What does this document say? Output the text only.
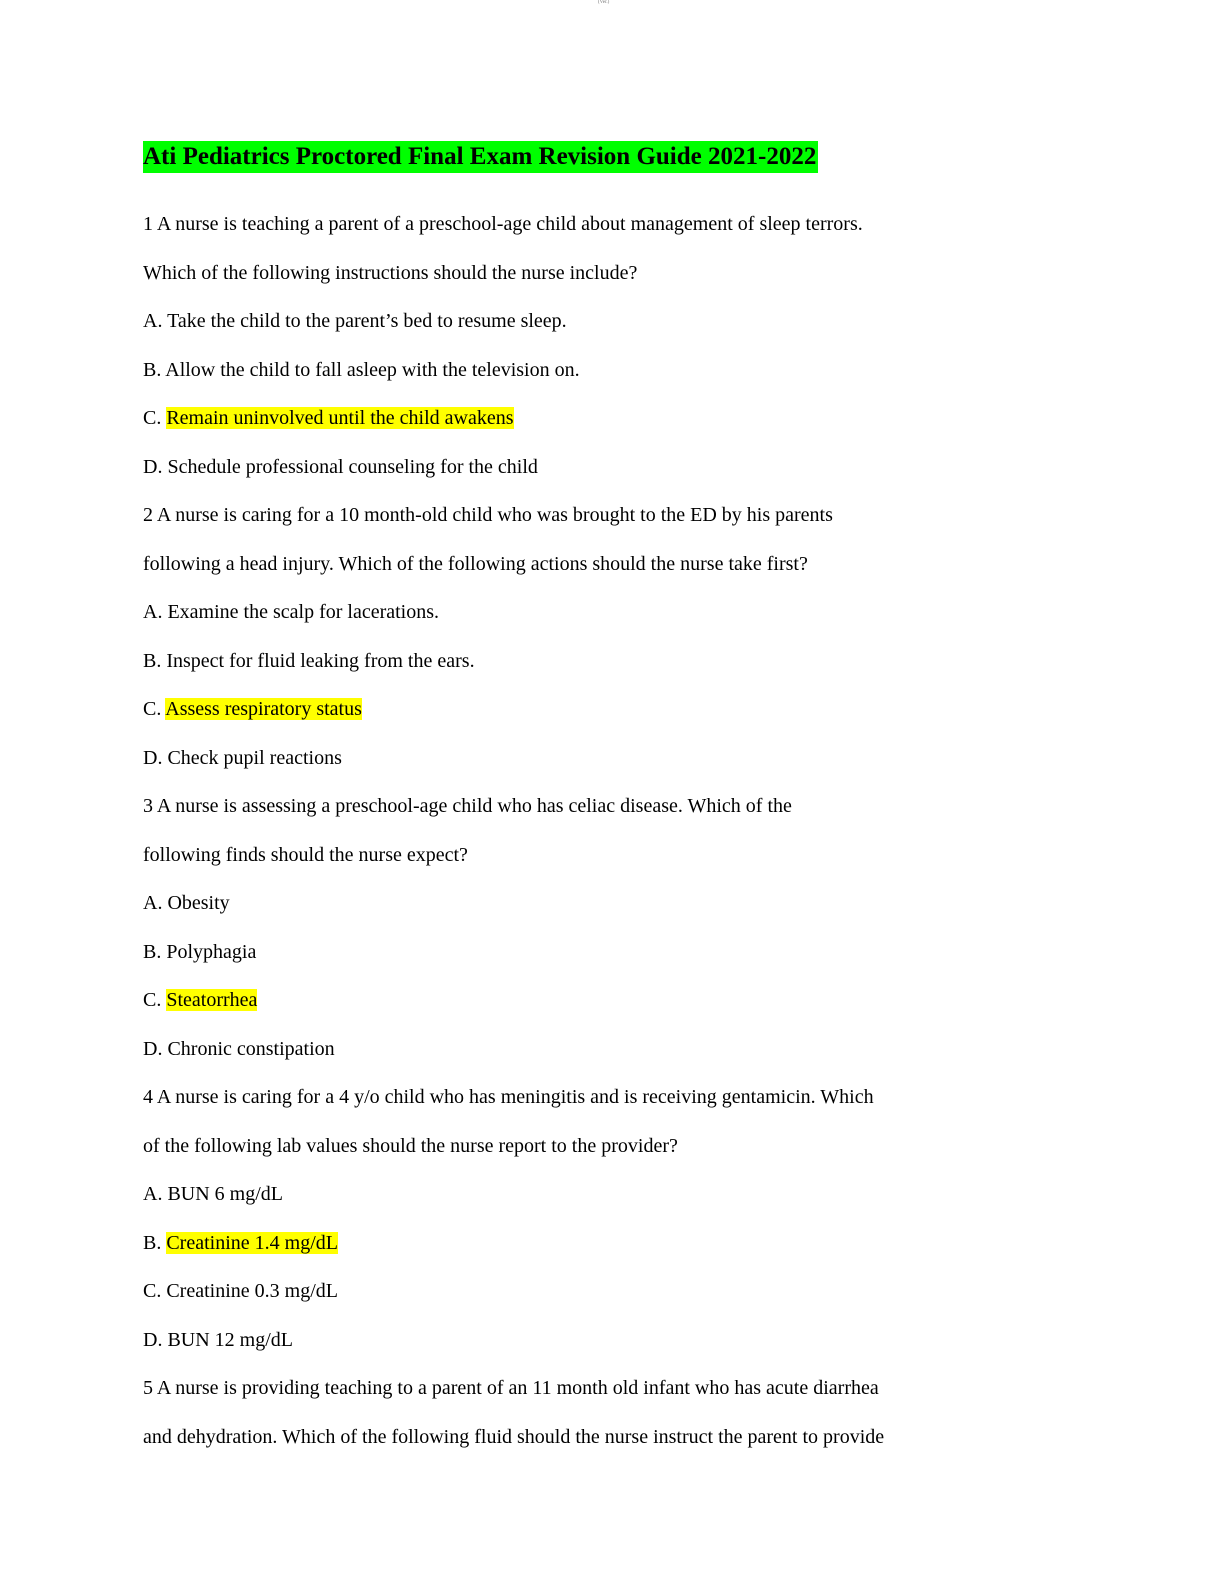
(Ver.)
Ati Pediatrics Proctored Final Exam Revision Guide 2021-2022
1 A nurse is teaching a parent of a preschool-age child about management of sleep terrors.
Which of the following instructions should the nurse include?
A. Take the child to the parent’s bed to resume sleep.
B. Allow the child to fall asleep with the television on.
C. Remain uninvolved until the child awakens
D. Schedule professional counseling for the child
2 A nurse is caring for a 10 month-old child who was brought to the ED by his parents
following a head injury. Which of the following actions should the nurse take first?
A. Examine the scalp for lacerations.
B. Inspect for fluid leaking from the ears.
C. Assess respiratory status
D. Check pupil reactions
3 A nurse is assessing a preschool-age child who has celiac disease. Which of the
following finds should the nurse expect?
A. Obesity
B. Polyphagia
C. Steatorrhea
D. Chronic constipation
4 A nurse is caring for a 4 y/o child who has meningitis and is receiving gentamicin. Which
of the following lab values should the nurse report to the provider?
A. BUN 6 mg/dL
B. Creatinine 1.4 mg/dL
C. Creatinine 0.3 mg/dL
D. BUN 12 mg/dL
5 A nurse is providing teaching to a parent of an 11 month old infant who has acute diarrhea
and dehydration. Which of the following fluid should the nurse instruct the parent to provide
